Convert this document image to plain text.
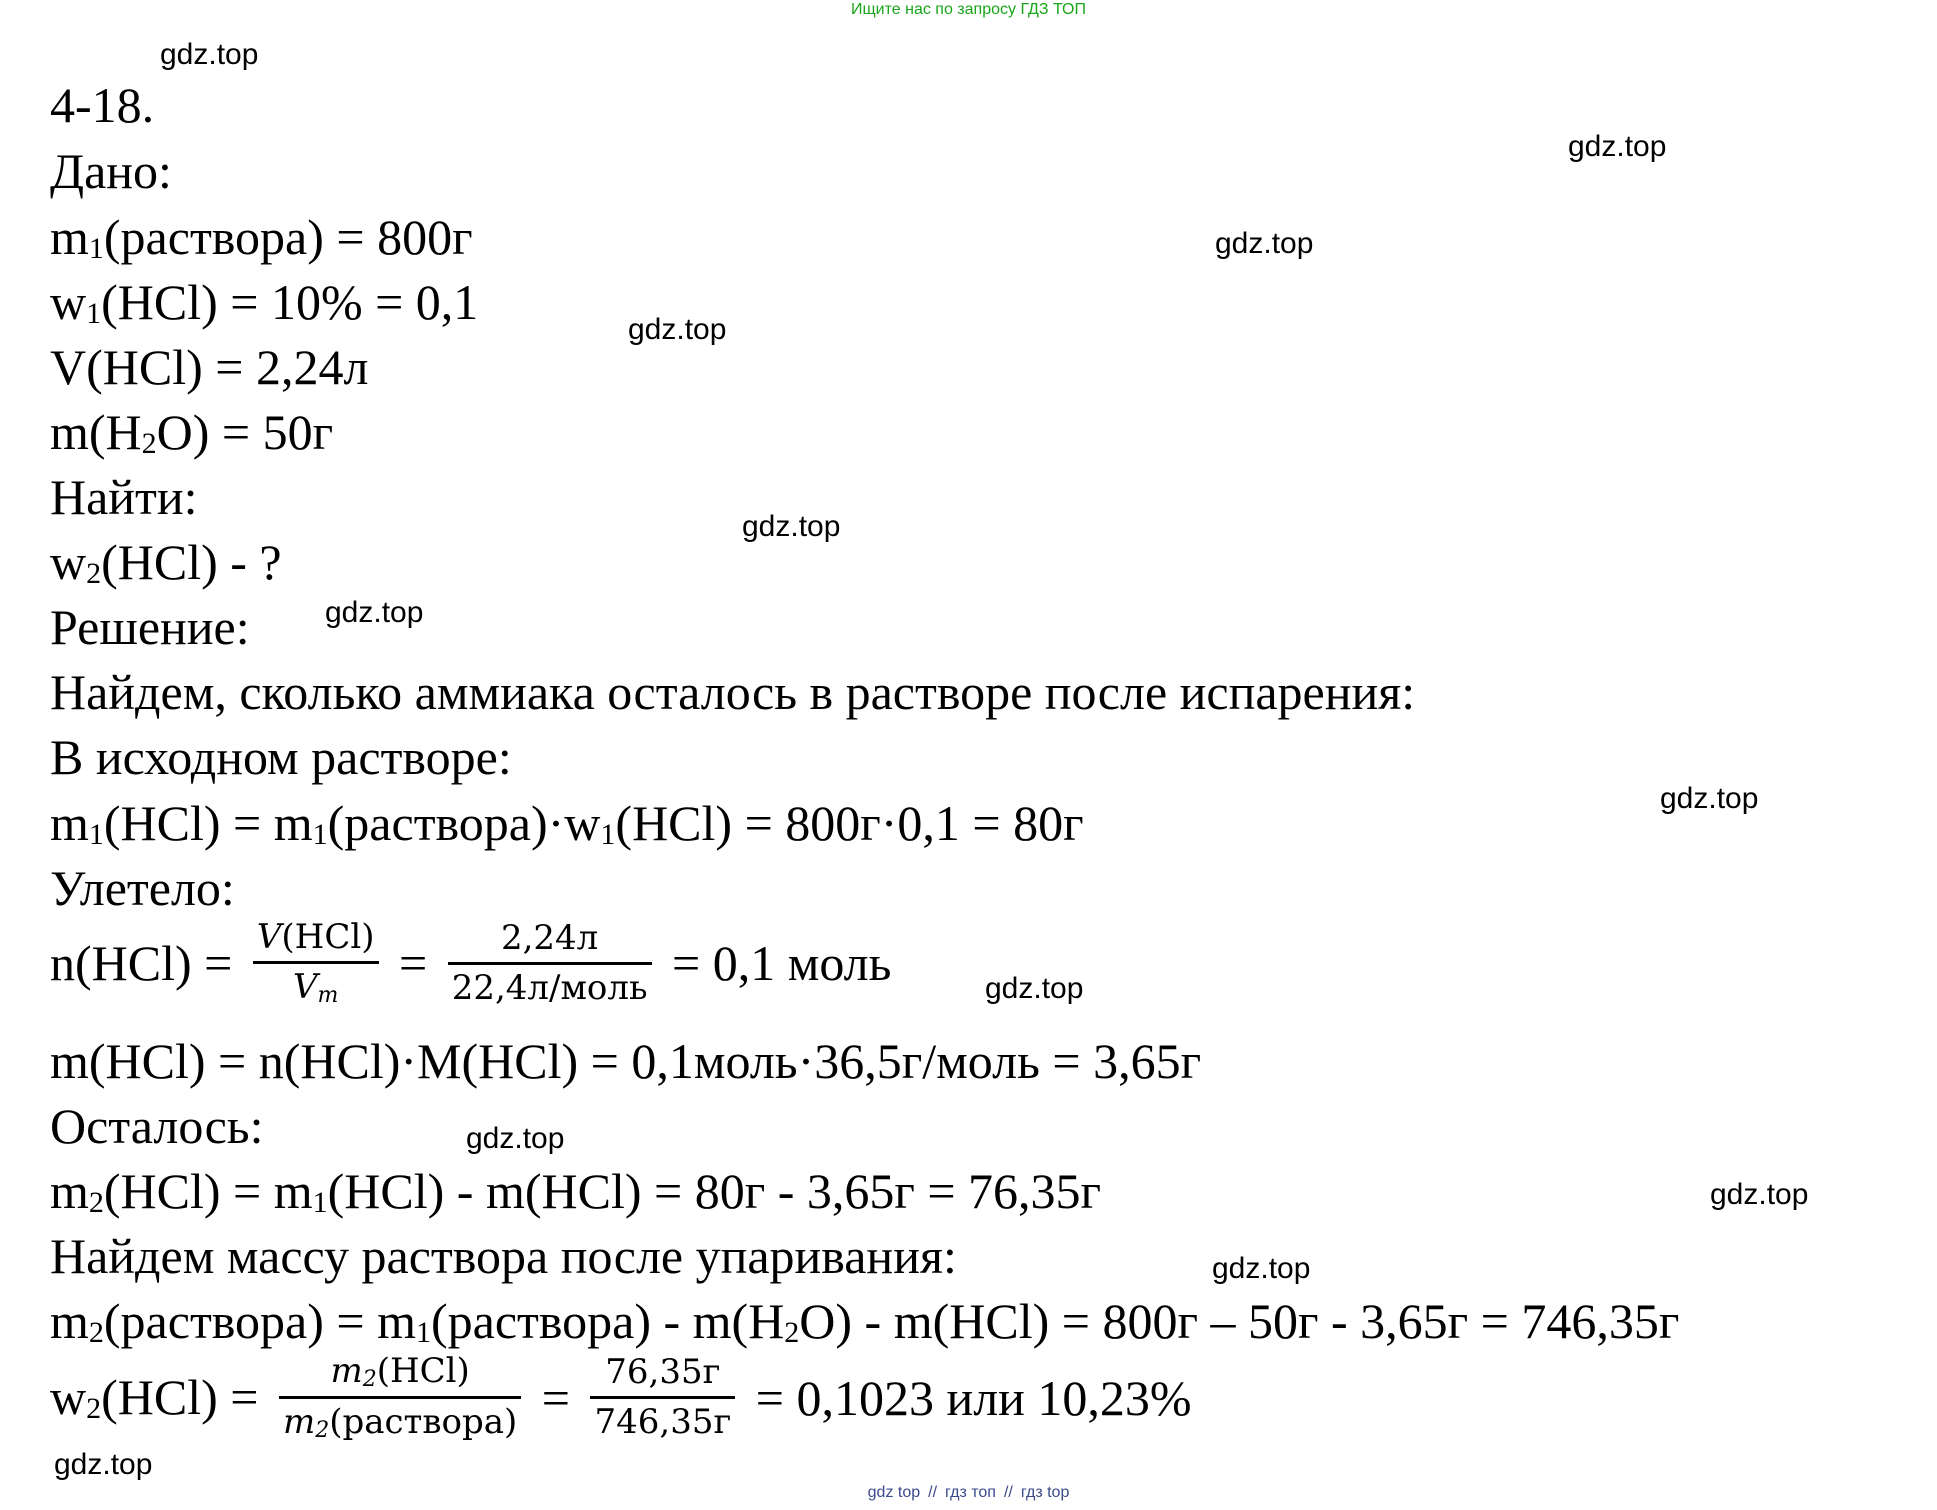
Ищите нас по запросу ГДЗ ТОП
gdz.top
gdz.top
gdz.top
gdz.top
gdz.top
gdz.top
gdz.top
gdz.top
gdz.top
gdz.top
gdz.top
gdz.top
4-18.
Дано:
m1(раствора) = 800г
w1(HCl) = 10% = 0,1
V(HCl) = 2,24л
m(H2O) = 50г
Найти:
w2(HCl) - ?
Решение:
Найдем, сколько аммиака осталось в растворе после испарения:
В исходном растворе:
m1(HCl) = m1(раствора)·w1(HCl) = 800г·0,1 = 80г
Улетело:
$n(HCl) = \frac{\text{V(HCl)}}{Vm} = \frac{2,24л}{\text{22,4л/моль}} = 0,1$ моль
m(HCl) = n(HCl)·M(HCl) = 0,1моль·36,5г/моль = 3,65г
Осталось:
m2(HCl) = m1(HCl) - m(HCl) = 80г - 3,65г = 76,35г
Найдем массу раствора после упаривания:
m2(раствора) = m1(раствора) - m(H2O) - m(HCl) = 800г – 50г - 3,65г = 746,35г
$w2(HCl) = \frac{\text{m2(HCl)}}{\text{m2(раствора)}} = \frac{76,35г}{746,35г} = 0,1023$ или 10,23%
gdz top // гдз топ // гдз top
